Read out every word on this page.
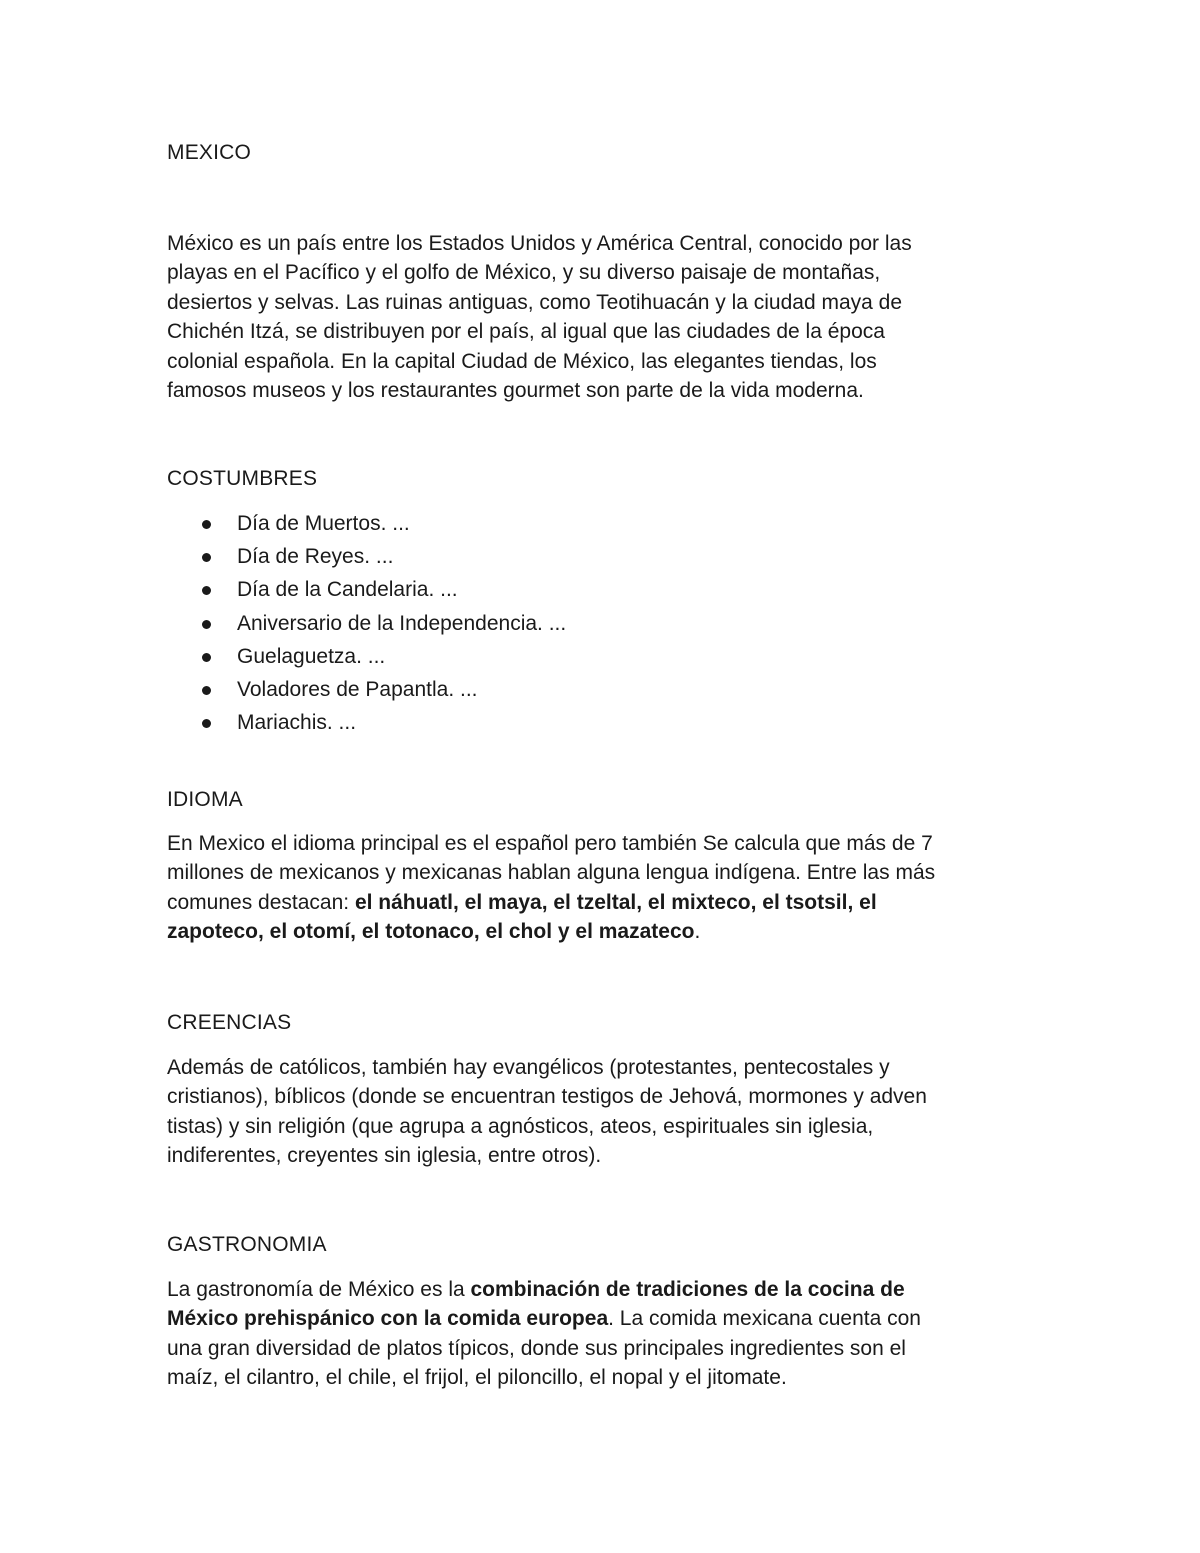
MEXICO
México es un país entre los Estados Unidos y América Central, conocido por las
playas en el Pacífico y el golfo de México, y su diverso paisaje de montañas,
desiertos y selvas. Las ruinas antiguas, como Teotihuacán y la ciudad maya de
Chichén Itzá, se distribuyen por el país, al igual que las ciudades de la época
colonial española. En la capital Ciudad de México, las elegantes tiendas, los
famosos museos y los restaurantes gourmet son parte de la vida moderna.
COSTUMBRES
Día de Muertos. ...
Día de Reyes. ...
Día de la Candelaria. ...
Aniversario de la Independencia. ...
Guelaguetza. ...
Voladores de Papantla. ...
Mariachis. ...
IDIOMA
En Mexico el idioma principal es el español pero también Se calcula que más de 7
millones de mexicanos y mexicanas hablan alguna lengua indígena. Entre las más
comunes destacan: el náhuatl, el maya, el tzeltal, el mixteco, el tsotsil, el
zapoteco, el otomí, el totonaco, el chol y el mazateco.
CREENCIAS
Además de católicos, también hay evangélicos (protestantes, pentecostales y
cristianos), bíblicos (donde se encuentran testigos de Jehová, mormones y adven
tistas) y sin religión (que agrupa a agnósticos, ateos, espirituales sin iglesia,
indiferentes, creyentes sin iglesia, entre otros).
GASTRONOMIA
La gastronomía de México es la combinación de tradiciones de la cocina de
México prehispánico con la comida europea. La comida mexicana cuenta con
una gran diversidad de platos típicos, donde sus principales ingredientes son el
maíz, el cilantro, el chile, el frijol, el piloncillo, el nopal y el jitomate.
